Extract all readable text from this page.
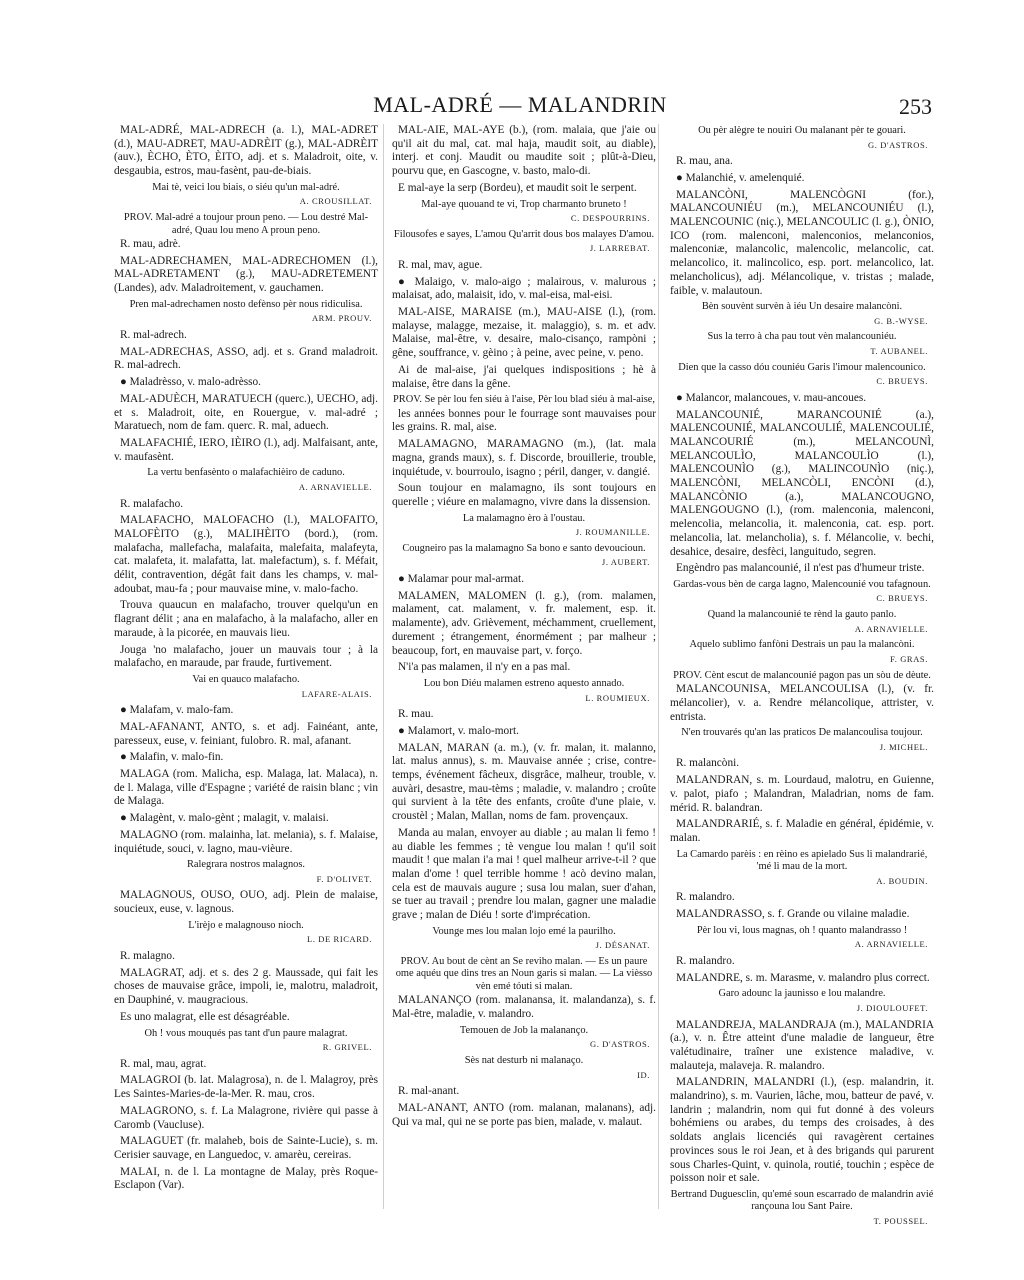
MAL-ADRÉ — MALANDRIN	253
MAL-ADRÉ, MAL-ADRECH (a. l.), MAL-ADRET (d.), MAU-ADRET, MAU-ADRÈIT (g.), MAL-ADRÈIT (auv.), ÈCHO, ÈTO, ÈITO, adj. et s. Maladroit, oite, v. desgaubia, estros, mau-fasènt, pau-de-biais.
Mai tè, veici lou biais, o siéu qu'un mal-adré.
A. CROUSILLAT.
PROV. Mal-adré a toujour proun peno. — Lou destré Mal-adré, Quau lou meno A proun peno.
R. mau, adrè.
MAL-ADRECHAMEN, MAL-ADRECHOMEN (l.), MAL-ADRETAMENT (g.), MAU-ADRETEMENT (Landes), adv. Maladroitement, v. gauchamen.
Pren mal-adrechamen nosto defènso pèr nous ridiculisa.
ARM. PROUV.
R. mal-adrech.
MAL-ADRECHAS, ASSO, adj. et s. Grand maladroit. R. mal-adrech.
● Maladrèsso, v. malo-adrèsso.
MAL-ADUÈCH, MARATUECH (querc.), UECHO, adj. et s. Maladroit, oite, en Rouergue, v. mal-adré ; Maratuech, nom de fam. querc. R. mal, aduech.
MALAFACHIÉ, IERO, IÈIRO (l.), adj. Malfaisant, ante, v. maufasènt.
La vertu benfasènto o malafachièiro de caduno.
A. ARNAVIELLE.
R. malafacho.
MALAFACHO, MALOFACHO (l.), MALOFAITO, MALOFÈITO (g.), MALIHÈITO (bord.), (rom. malafacha, mallefacha, malafaita, malefaita, malafeyta, cat. malafeta, it. malafatta, lat. malefactum), s. f. Méfait, délit, contravention, dégât fait dans les champs, v. mal-adoubat, mau-fa ; pour mauvaise mine, v. malo-facho.
Trouva quaucun en malafacho, trouver quelqu'un en flagrant délit ; ana en malafacho, à la malafacho, aller en maraude, à la picorée, en mauvais lieu.
Jouga 'no malafacho, jouer un mauvais tour ; à la malafacho, en maraude, par fraude, furtivement.
Vai en quauco malafacho.
LAFARE-ALAIS.
● Malafam, v. malo-fam.
MAL-AFANANT, ANTO, s. et adj. Fainéant, ante, paresseux, euse, v. feiniant, fulobro. R. mal, afanant.
● Malafin, v. malo-fin.
MALAGA (rom. Malicha, esp. Malaga, lat. Malaca), n. de l. Malaga, ville d'Espagne ; variété de raisin blanc ; vin de Malaga.
● Malagènt, v. malo-gènt ; malagit, v. malaisi.
MALAGNO (rom. malainha, lat. melania), s. f. Malaise, inquiétude, souci, v. lagno, mau-vièure.
Ralegrara nostros malagnos.
F. D'OLIVET.
MALAGNOUS, OUSO, OUO, adj. Plein de malaise, soucieux, euse, v. lagnous.
L'irèjo e malagnouso nioch.
L. DE RICARD.
R. malagno.
MALAGRAT, adj. et s. des 2 g. Maussade, qui fait les choses de mauvaise grâce, impoli, ie, malotru, maladroit, en Dauphiné, v. maugracious.
Es uno malagrat, elle est désagréable.
Oh ! vous mouqués pas tant d'un paure malagrat.
R. GRIVEL.
R. mal, mau, agrat.
MALAGROI (b. lat. Malagrosa), n. de l. Malagroy, près Les Saintes-Maries-de-la-Mer. R. mau, cros.
MALAGRONO, s. f. La Malagrone, rivière qui passe à Caromb (Vaucluse).
MALAGUET (fr. malaheb, bois de Sainte-Lucie), s. m. Cerisier sauvage, en Languedoc, v. amarèu, cereiras.
MALAI, n. de l. La montagne de Malay, près Roque-Esclapon (Var).
MAL-AIE, MAL-AYE (b.), (rom. malaia, que j'aie ou qu'il ait du mal, cat. mal haja, maudit soit, au diable), interj. et conj. Maudit ou maudite soit ; plût-à-Dieu, pourvu que, en Gascogne, v. basto, malo-di.
E mal-aye la serp (Bordeu), et maudit soit le serpent.
Mal-aye quouand te vi, Trop charmanto bruneto !
C. DESPOURRINS.
Filousofes e sayes, L'amou Qu'arrit dous bos malayes D'amou.
J. LARREBAT.
R. mal, mav, ague.
● Malaigo, v. malo-aigo ; malairous, v. malurous ; malaisat, ado, malaisit, ido, v. mal-eisa, mal-eisi.
MAL-AISE, MARAISE (m.), MAU-AISE (l.), (rom. malayse, malagge, mezaise, it. malaggio), s. m. et adv. Malaise, mal-être, v. desaire, malo-cisanço, rampòni ; gêne, souffrance, v. gèino ; à peine, avec peine, v. peno.
Ai de mal-aise, j'ai quelques indispositions ; hè à malaise, être dans la gêne.
PROV. Se pèr lou fen siéu à l'aise, Pèr lou blad siéu à mal-aise,
les années bonnes pour le fourrage sont mauvaises pour les grains. R. mal, aise.
MALAMAGNO, MARAMAGNO (m.), (lat. mala magna, grands maux), s. f. Discorde, brouillerie, trouble, inquiétude, v. bourroulo, isagno ; péril, danger, v. dangié.
Soun toujour en malamagno, ils sont toujours en querelle ; viéure en malamagno, vivre dans la dissension.
La malamagno èro à l'oustau.
J. ROUMANILLE.
Cougneiro pas la malamagno Sa bono e santo devoucioun.
J. AUBERT.
● Malamar pour mal-armat.
MALAMEN, MALOMEN (l. g.), (rom. malamen, malament, cat. malament, v. fr. malement, esp. it. malamente), adv. Grièvement, méchamment, cruellement, durement ; étrangement, énormément ; par malheur ; beaucoup, fort, en mauvaise part, v. forço.
N'i'a pas malamen, il n'y en a pas mal.
Lou bon Diéu malamen estreno aquesto annado.
L. ROUMIEUX.
R. mau.
● Malamort, v. malo-mort.
MALAN, MARAN (a. m.), (v. fr. malan, it. malanno, lat. malus annus), s. m. Mauvaise année ; crise, contre-temps, événement fâcheux, disgrâce, malheur, trouble, v. auvàri, desastre, mau-tèms ; maladie, v. malandro ; croûte qui survient à la tête des enfants, croûte d'une plaie, v. croustèl ; Malan, Mallan, noms de fam. provençaux.
Manda au malan, envoyer au diable ; au malan li femo ! au diable les femmes ; tè vengue lou malan ! qu'il soit maudit ! que malan i'a mai ! quel malheur arrive-t-il ? que malan d'ome ! quel terrible homme ! acò devino malan, cela est de mauvais augure ; susa lou malan, suer d'ahan, se tuer au travail ; prendre lou malan, gagner une maladie grave ; malan de Diéu ! sorte d'imprécation.
Vounge mes lou malan lojo emé la paurilho.
J. DÉSANAT.
PROV. Au bout de cènt an Se reviho malan. — Es un paure ome aquéu que dins tres an Noun garis si malan. — La vièsso vèn emé tóuti si malan.
MALANANÇO (rom. malanansa, it. malandanza), s. f. Mal-être, maladie, v. malandro.
Temouen de Job la malananço.
G. D'ASTROS.
Sès nat desturb ni malanaço.
ID.
R. mal-anant.
MAL-ANANT, ANTO (rom. malanan, malanans), adj. Qui va mal, qui ne se porte pas bien, malade, v. malaut.
Ou pèr alègre te nouiri Ou malanant pèr te gouari.
G. D'ASTROS.
R. mau, ana.
● Malanchié, v. amelenquié.
MALANCÒNI, MALENCÒGNI (for.), MALANCOUNIÉU (m.), MELANCOUNIÉU (l.), MALENCOUNIC (niç.), MELANCOULIC (l. g.), ÒNIO, ICO (rom. malenconi, malenconios, melanconios, malenconiæ, malancolic, malencolic, melancolic, cat. melancolico, it. malincolico, esp. port. melancolico, lat. melancholicus), adj. Mélancolique, v. tristas ; malade, faible, v. malautoun.
Bèn souvènt survèn à iéu Un desaire malancòni.
G. B.-WYSE.
Sus la terro à cha pau tout vèn malancouniéu.
T. AUBANEL.
Dien que la casso dóu couniéu Garis l'imour malencounico.
C. BRUEYS.
● Malancor, malancoues, v. mau-ancoues.
MALANCOUNIÉ, MARANCOUNIÉ (a.), MALENCOUNIÉ, MALANCOULIÉ, MALENCOULIÉ, MALANCOURIÉ (m.), MELANCOUNÌ, MELANCOULÌO, MALANCOULÌO (l.), MALENCOUNÌO (g.), MALINCOUNÌO (niç.), MALENCÒNI, MELANCÒLI, ENCÒNI (d.), MALANCÒNIO (a.), MALANCOUGNO, MALENGOUGNO (l.), (rom. malenconia, malenconi, melencolia, melancolia, it. malenconia, cat. esp. port. melancolia, lat. melancholia), s. f. Mélancolie, v. bechi, desahice, desaire, desfèci, languitudo, segren.
Engèndro pas malancounié, il n'est pas d'humeur triste.
Gardas-vous bèn de carga lagno, Malencounié vou tafagnoun.
C. BRUEYS.
Quand la malancounié te rènd la gauto panlo.
A. ARNAVIELLE.
Aquelo sublimo fanfòni Destrais un pau la malancòni.
F. GRAS.
PROV. Cènt escut de malancounié pagon pas un sòu de dèute.
MALANCOUNISA, MELANCOULISA (l.), (v. fr. mélancolier), v. a. Rendre mélancolique, attrister, v. entrista.
N'en trouvarés qu'an las praticos De malancoulisa toujour.
J. MICHEL.
R. malancòni.
MALANDRAN, s. m. Lourdaud, malotru, en Guienne, v. palot, piafo ; Malandran, Maladrian, noms de fam. mérid. R. balandran.
MALANDRARIÉ, s. f. Maladie en général, épidémie, v. malan.
La Camardo parèis : en rèino es apielado Sus li malandrarié, 'mé li mau de la mort.
A. BOUDIN.
R. malandro.
MALANDRASSO, s. f. Grande ou vilaine maladie.
Pèr lou vi, lous magnas, oh ! quanto malandrasso !
A. ARNAVIELLE.
R. malandro.
MALANDRE, s. m. Marasme, v. malandro plus correct.
Garo adounc la jaunisso e lou malandre.
J. DIOULOUFET.
MALANDREJA, MALANDRAJA (m.), MALANDRIA (a.), v. n. Être atteint d'une maladie de langueur, être valétudinaire, traîner une existence maladive, v. malauteja, malaveja. R. malandro.
MALANDRIN, MALANDRI (l.), (esp. malandrin, it. malandrino), s. m. Vaurien, lâche, mou, batteur de pavé, v. landrin ; malandrin, nom qui fut donné à des voleurs bohémiens ou arabes, du temps des croisades, à des soldats anglais licenciés qui ravagèrent certaines provinces sous le roi Jean, et à des brigands qui parurent sous Charles-Quint, v. quinola, routié, touchin ; espèce de poisson noir et sale.
Bertrand Duguesclin, qu'emé soun escarrado de malandrin avié rançouna lou Sant Paire.
T. POUSSEL.
